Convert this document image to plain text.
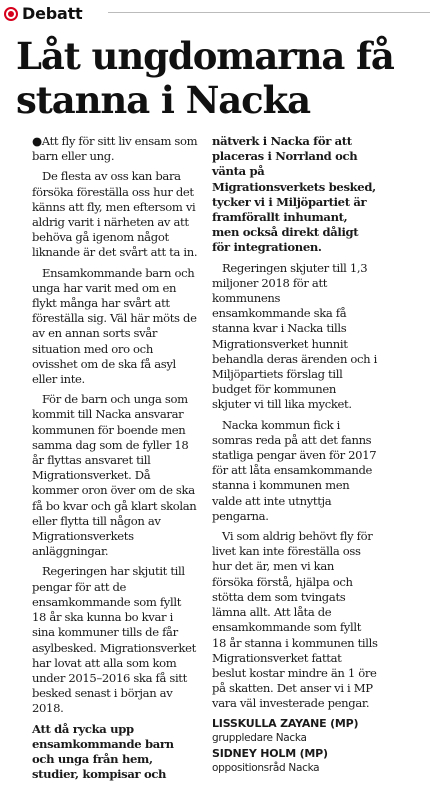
Debatt
Låt ungdomarna få stanna i Nacka

●Att fly för sitt liv ensam som barn eller ung.

De flesta av oss kan bara försöka föreställa oss hur det känns att fly, men eftersom vi aldrig varit i närheten av att behöva gå igenom något liknande är det svårt att ta in.

Ensamkommande barn och unga har varit med om en flykt många har svårt att föreställa sig. Väl här möts de av en annan sorts svår situation med oro och ovisshet om de ska få asyl eller inte.

För de barn och unga som kommit till Nacka ansvarar kommunen för boende men samma dag som de fyller 18 år flyttas ansvaret till Migrationsverket. Då kommer oron över om de ska få bo kvar och gå klart skolan eller flytta till någon av Migrationsverkets anläggningar.

Regeringen har skjutit till pengar för att de ensamkommande som fyllt 18 år ska kunna bo kvar i sina kommuner tills de får asylbesked. Migrationsverket har lovat att alla som kom under 2015–2016 ska få sitt besked senast i början av 2018.

Att då rycka upp ensamkommande barn och unga från hem, studier, kompisar och

nätverk i Nacka för att placeras i Norrland och vänta på Migrationsverkets besked, tycker vi i Miljöpartiet är framförallt inhumant, men också direkt dåligt för integrationen.

Regeringen skjuter till 1,3 miljoner 2018 för att kommunens ensamkommande ska få stanna kvar i Nacka tills Migrationsverket hunnit behandla deras ärenden och i Miljöpartiets förslag till budget för kommunen skjuter vi till lika mycket.

Nacka kommun fick i somras reda på att det fanns statliga pengar även för 2017 för att låta ensamkommande stanna i kommunen men valde att inte utnyttja pengarna.

Vi som aldrig behövt fly för livet kan inte föreställa oss hur det är, men vi kan försöka förstå, hjälpa och stötta dem som tvingats lämna allt. Att låta de ensamkommande som fyllt 18 år stanna i kommunen tills Migrationsverket fattat beslut kostar mindre än 1 öre på skatten. Det anser vi i MP vara väl investerade pengar.

LISSKULLA ZAYANE (MP)
gruppledare Nacka
SIDNEY HOLM (MP)
oppositionsråd Nacka
